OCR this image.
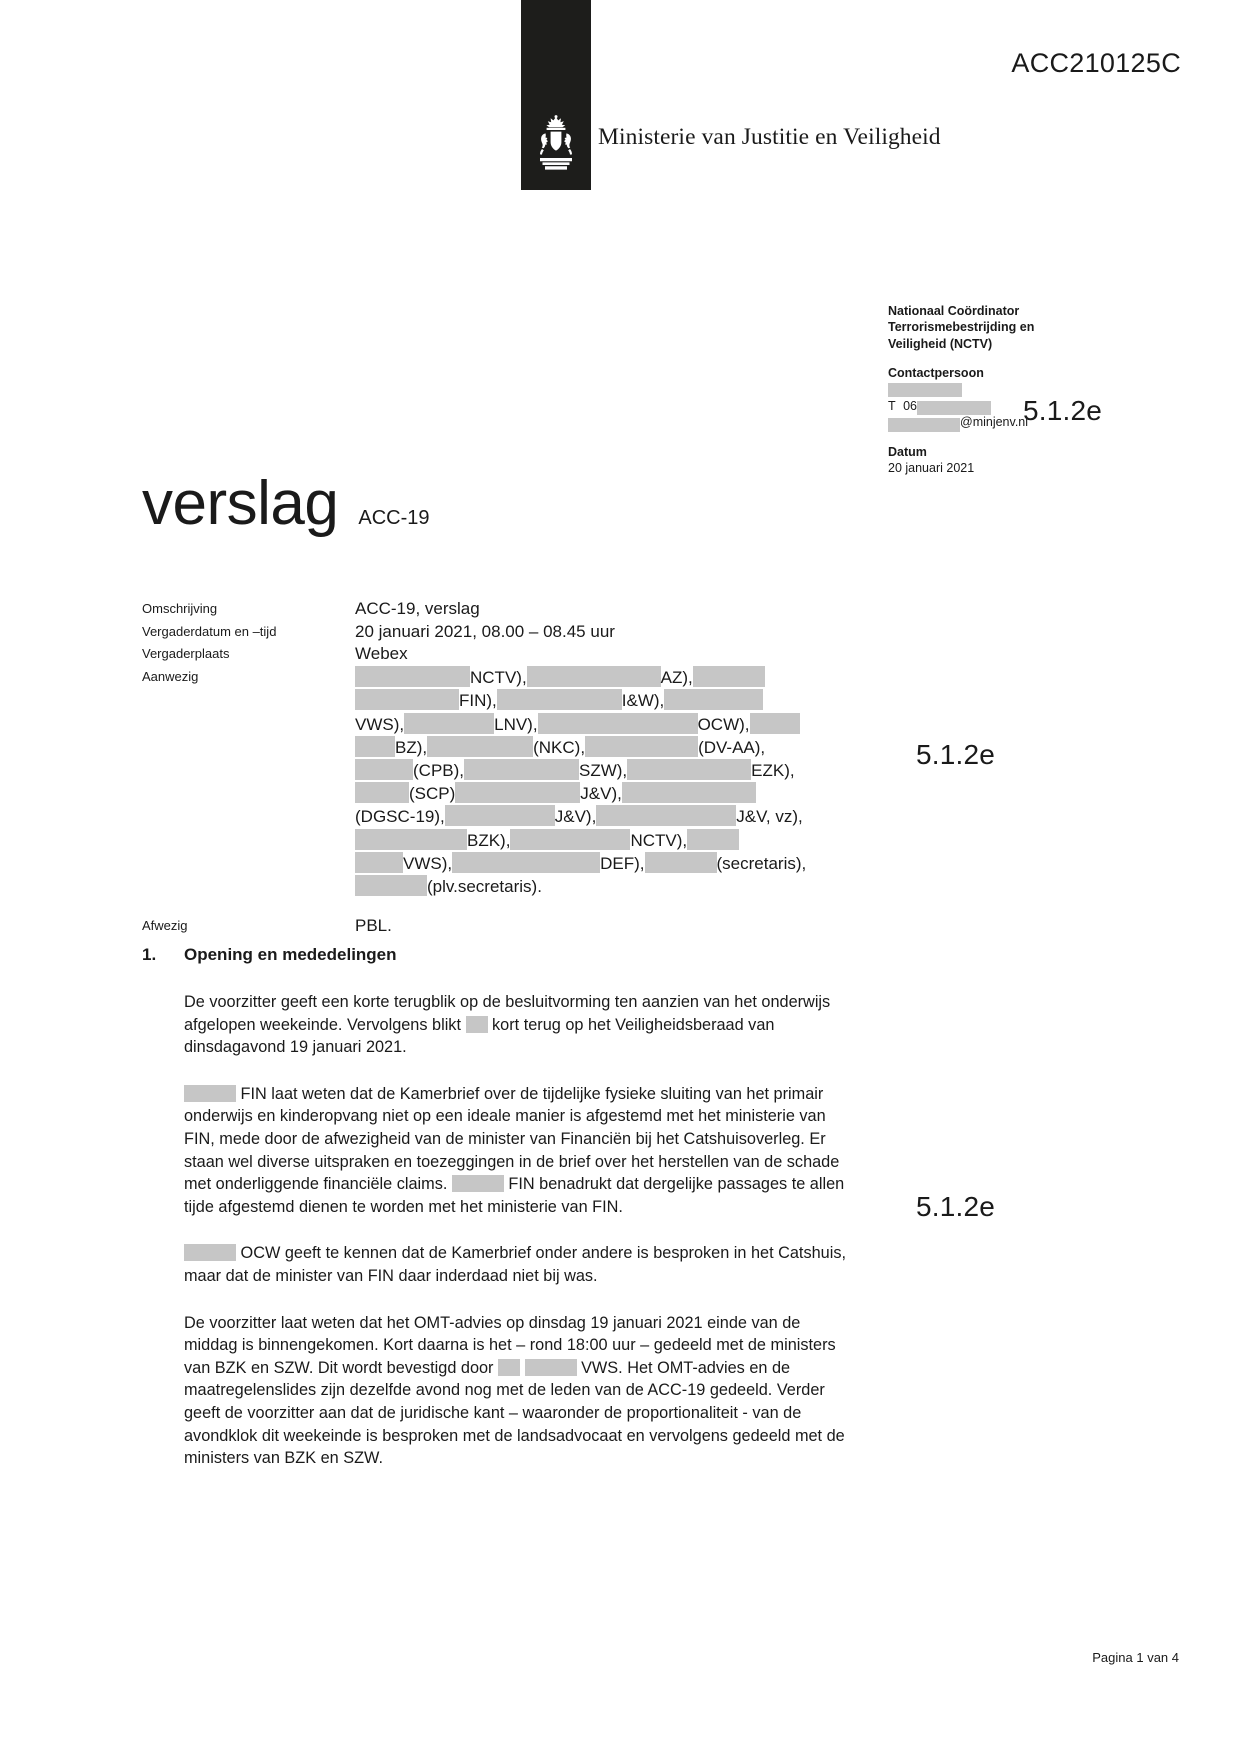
ACC210125C
Ministerie van Justitie en Veiligheid
Nationaal Coördinator
Terrorismebestrijding en
Veiligheid (NCTV)
Contactpersoon
T 06
@minjenv.nl
Datum
20 januari 2021
5.1.2e
5.1.2e
5.1.2e
verslag ACC-19
Omschrijving	ACC-19, verslag
Vergaderdatum en –tijd	20 januari 2021, 08.00 – 08.45 uur
Vergaderplaats	Webex
Aanwezig	NCTV),	AZ),
FIN),	I&W),
VWS),	LNV),	OCW),
BZ),	(NKC),	(DV-AA),
(CPB),	SZW),	EZK),
(SCP)	J&V),
(DGSC-19),	J&V),	J&V, vz),
BZK),	NCTV),
VWS),	DEF),	(secretaris),
(plv.secretaris).
Afwezig	PBL.
1.	Opening en mededelingen

De voorzitter geeft een korte terugblik op de besluitvorming ten aanzien van het onderwijs afgelopen weekeinde. Vervolgens blikt  kort terug op het Veiligheidsberaad van dinsdagavond 19 januari 2021.

FIN laat weten dat de Kamerbrief over de tijdelijke fysieke sluiting van het primair onderwijs en kinderopvang niet op een ideale manier is afgestemd met het ministerie van FIN, mede door de afwezigheid van de minister van Financiën bij het Catshuisoverleg. Er staan wel diverse uitspraken en toezeggingen in de brief over het herstellen van de schade met onderliggende financiële claims.	FIN benadrukt dat dergelijke passages te allen tijde afgestemd dienen te worden met het ministerie van FIN.

OCW geeft te kennen dat de Kamerbrief onder andere is besproken in het Catshuis, maar dat de minister van FIN daar inderdaad niet bij was.

De voorzitter laat weten dat het OMT-advies op dinsdag 19 januari 2021 einde van de middag is binnengekomen. Kort daarna is het – rond 18:00 uur – gedeeld met de ministers van BZK en SZW. Dit wordt bevestigd door	VWS. Het OMT-advies en de maatregelenslides zijn dezelfde avond nog met de leden van de ACC-19 gedeeld. Verder geeft de voorzitter aan dat de juridische kant – waaronder de proportionaliteit - van de avondklok dit weekeinde is besproken met de landsadvocaat en vervolgens gedeeld met de ministers van BZK en SZW.

Pagina 1 van 4
